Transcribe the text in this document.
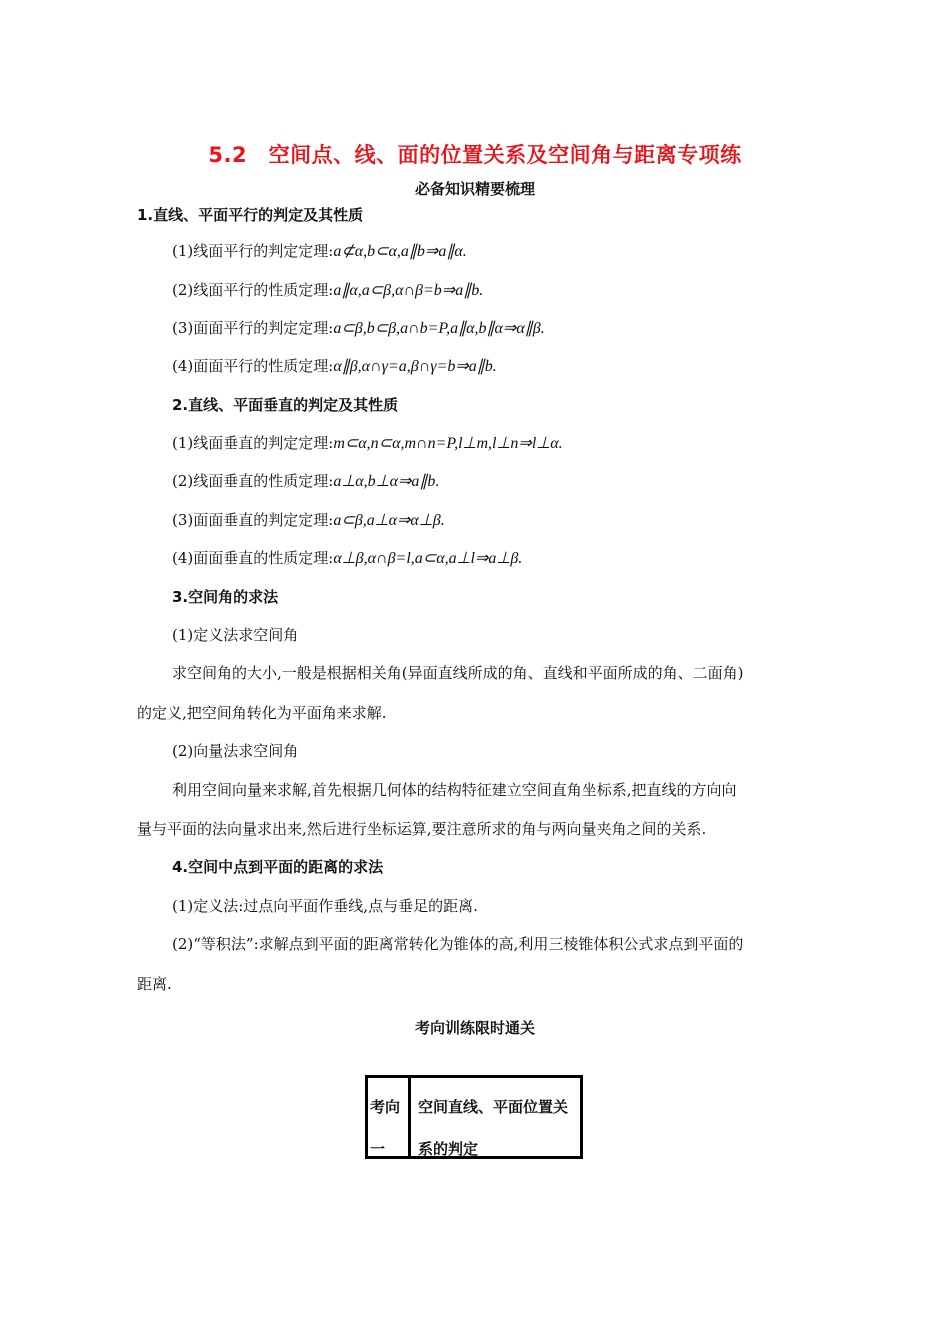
5.2　空间点、线、面的位置关系及空间角与距离专项练
必备知识精要梳理
1.直线、平面平行的判定及其性质
(1)线面平行的判定定理:a⊄α,b⊂α,a∥b⇒a∥α.
(2)线面平行的性质定理:a∥α,a⊂β,α∩β=b⇒a∥b.
(3)面面平行的判定定理:a⊂β,b⊂β,a∩b=P,a∥α,b∥α⇒α∥β.
(4)面面平行的性质定理:α∥β,α∩γ=a,β∩γ=b⇒a∥b.
2.直线、平面垂直的判定及其性质
(1)线面垂直的判定定理:m⊂α,n⊂α,m∩n=P,l⊥m,l⊥n⇒l⊥α.
(2)线面垂直的性质定理:a⊥α,b⊥α⇒a∥b.
(3)面面垂直的判定定理:a⊂β,a⊥α⇒α⊥β.
(4)面面垂直的性质定理:α⊥β,α∩β=l,a⊂α,a⊥l⇒a⊥β.
3.空间角的求法
(1)定义法求空间角
求空间角的大小,一般是根据相关角(异面直线所成的角、直线和平面所成的角、二面角)
的定义,把空间角转化为平面角来求解.
(2)向量法求空间角
利用空间向量来求解,首先根据几何体的结构特征建立空间直角坐标系,把直线的方向向
量与平面的法向量求出来,然后进行坐标运算,要注意所求的角与两向量夹角之间的关系.
4.空间中点到平面的距离的求法
(1)定义法:过点向平面作垂线,点与垂足的距离.
(2)“等积法”:求解点到平面的距离常转化为锥体的高,利用三棱锥体积公式求点到平面的
距离.
考向训练限时通关
考向一
空间直线、平面位置关系的判定
